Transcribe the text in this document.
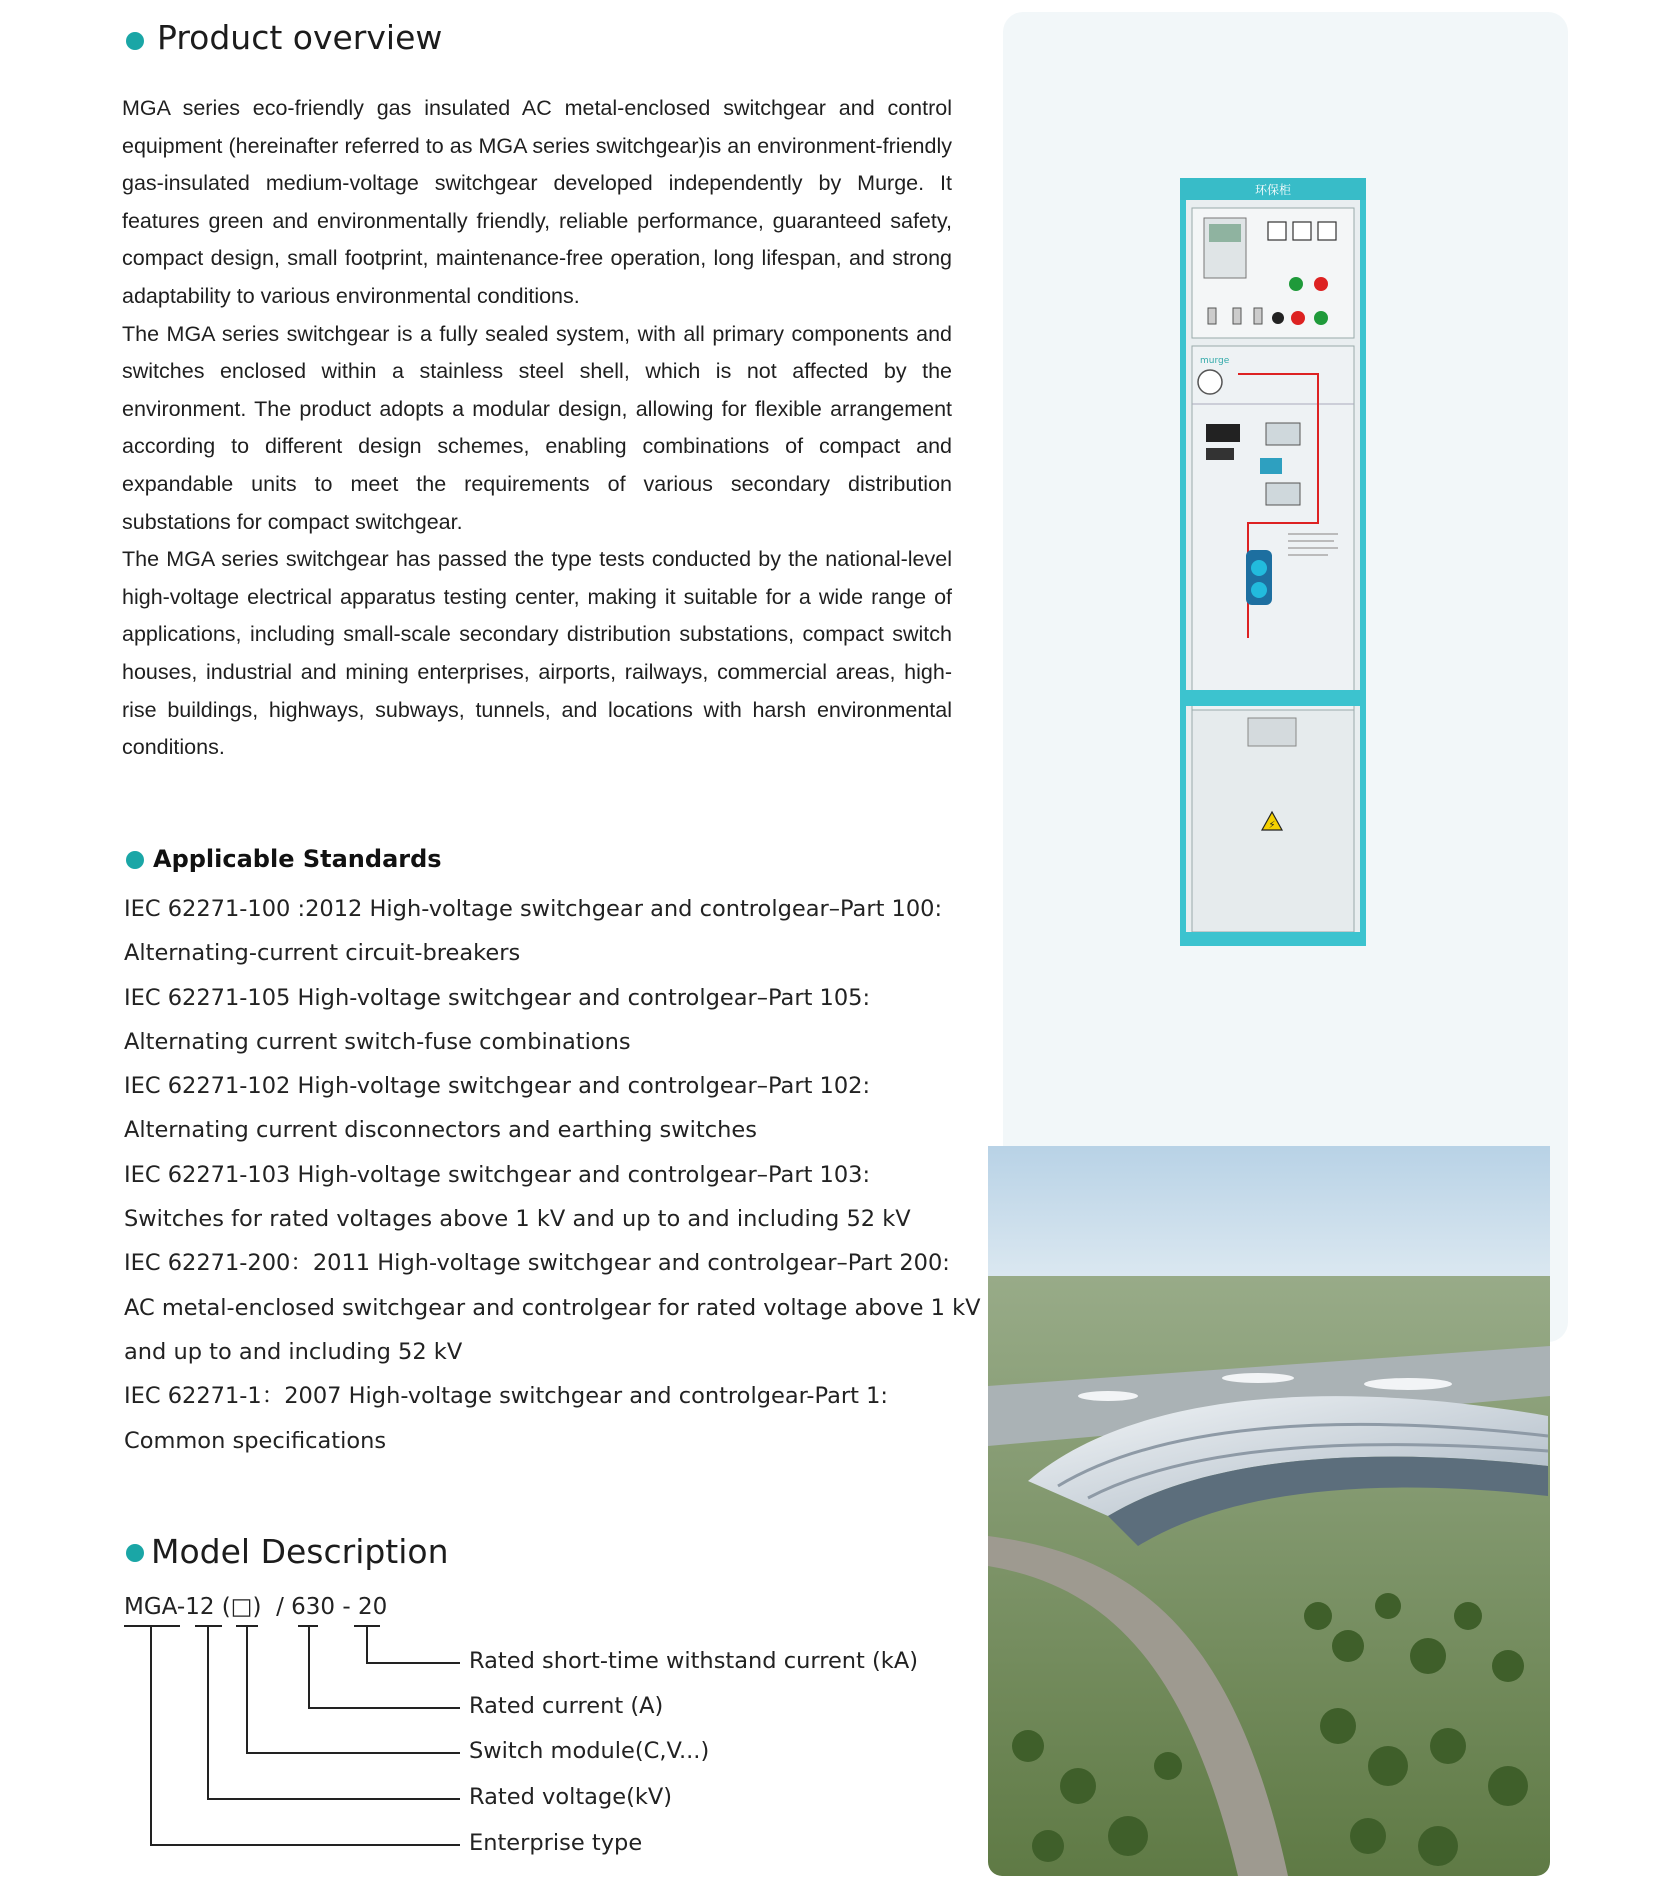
Product overview

MGA series eco-friendly gas insulated AC metal-enclosed switchgear and control equipment (hereinafter referred to as MGA series switchgear)is an environment-friendly gas-insulated medium-voltage switchgear developed independently by Murge. It features green and environmentally friendly, reliable performance, guaranteed safety, compact design, small footprint, maintenance-free operation, long lifespan, and strong adaptability to various environmental conditions.

The MGA series switchgear is a fully sealed system, with all primary components and switches enclosed within a stainless steel shell, which is not affected by the environment. The product adopts a modular design, allowing for flexible arrangement according to different design schemes, enabling combinations of compact and expandable units to meet the requirements of various secondary distribution substations for compact switchgear.

The MGA series switchgear has passed the type tests conducted by the national-level high-voltage electrical apparatus testing center, making it suitable for a wide range of applications, including small-scale secondary distribution substations, compact switch houses, industrial and mining enterprises, airports, railways, commercial areas, high-rise buildings, highways, subways, tunnels, and locations with harsh environmental conditions.

Applicable Standards
IEC 62271-100 :2012 High-voltage switchgear and controlgear–Part 100:
Alternating-current circuit-breakers
IEC 62271-105 High-voltage switchgear and controlgear–Part 105:
Alternating current switch-fuse combinations
IEC 62271-102 High-voltage switchgear and controlgear–Part 102:
Alternating current disconnectors and earthing switches
IEC 62271-103 High-voltage switchgear and controlgear–Part 103:
Switches for rated voltages above 1 kV and up to and including 52 kV
IEC 62271-200：2011 High-voltage switchgear and controlgear–Part 200:
AC metal-enclosed switchgear and controlgear for rated voltage above 1 kV
and up to and including 52 kV
IEC 62271-1：2007 High-voltage switchgear and controlgear-Part 1:
Common specifications
Model Description
MGA-12 (□)  / 630 - 20
Rated short-time withstand current (kA)
Rated current (A)
Switch module(C,V...)
Rated voltage(kV)
Enterprise type
环保柜
murge
⚡
